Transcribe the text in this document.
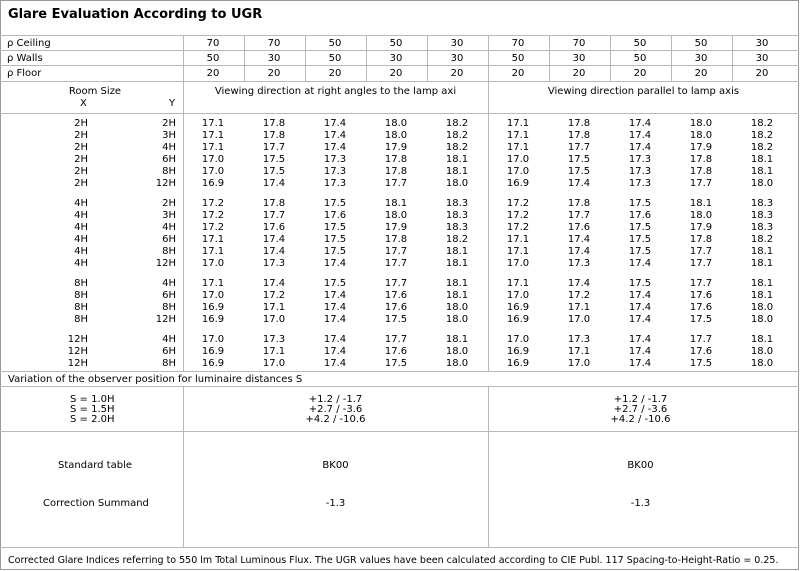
Glare Evaluation According to UGR
ρ Ceiling	70	70	50	50	30	70	70	50	50	30
ρ Walls	50	30	50	30	30	50	30	50	30	30
ρ Floor	20	20	20	20	20	20	20	20	20	20
Room Size
X	Y
Viewing direction at right angles to the lamp axi	Viewing direction parallel to lamp axis
2H	2H	17.1	17.8	17.4	18.0	18.2	17.1	17.8	17.4	18.0	18.2
2H	3H	17.1	17.8	17.4	18.0	18.2	17.1	17.8	17.4	18.0	18.2
2H	4H	17.1	17.7	17.4	17.9	18.2	17.1	17.7	17.4	17.9	18.2
2H	6H	17.0	17.5	17.3	17.8	18.1	17.0	17.5	17.3	17.8	18.1
2H	8H	17.0	17.5	17.3	17.8	18.1	17.0	17.5	17.3	17.8	18.1
2H	12H	16.9	17.4	17.3	17.7	18.0	16.9	17.4	17.3	17.7	18.0
4H	2H	17.2	17.8	17.5	18.1	18.3	17.2	17.8	17.5	18.1	18.3
4H	3H	17.2	17.7	17.6	18.0	18.3	17.2	17.7	17.6	18.0	18.3
4H	4H	17.2	17.6	17.5	17.9	18.3	17.2	17.6	17.5	17.9	18.3
4H	6H	17.1	17.4	17.5	17.8	18.2	17.1	17.4	17.5	17.8	18.2
4H	8H	17.1	17.4	17.5	17.7	18.1	17.1	17.4	17.5	17.7	18.1
4H	12H	17.0	17.3	17.4	17.7	18.1	17.0	17.3	17.4	17.7	18.1
8H	4H	17.1	17.4	17.5	17.7	18.1	17.1	17.4	17.5	17.7	18.1
8H	6H	17.0	17.2	17.4	17.6	18.1	17.0	17.2	17.4	17.6	18.1
8H	8H	16.9	17.1	17.4	17.6	18.0	16.9	17.1	17.4	17.6	18.0
8H	12H	16.9	17.0	17.4	17.5	18.0	16.9	17.0	17.4	17.5	18.0
12H	4H	17.0	17.3	17.4	17.7	18.1	17.0	17.3	17.4	17.7	18.1
12H	6H	16.9	17.1	17.4	17.6	18.0	16.9	17.1	17.4	17.6	18.0
12H	8H	16.9	17.0	17.4	17.5	18.0	16.9	17.0	17.4	17.5	18.0
Variation of the observer position for luminaire distances S
S = 1.0H	+1.2 / -1.7	+1.2 / -1.7
S = 1.5H	+2.7 / -3.6	+2.7 / -3.6
S = 2.0H	+4.2 / -10.6	+4.2 / -10.6
Standard table	BK00	BK00
Correction Summand	-1.3	-1.3
Corrected Glare Indices referring to 550 lm Total Luminous Flux. The UGR values have been calculated according to CIE Publ. 117 Spacing-to-Height-Ratio = 0.25.
